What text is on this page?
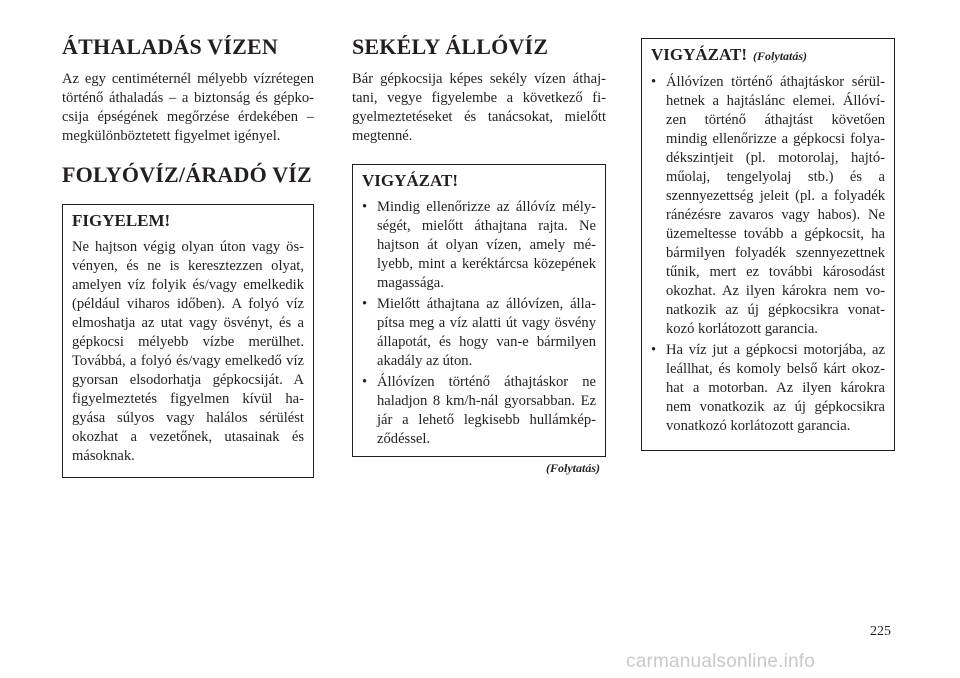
ÁTHALADÁS VÍZEN

Az egy centiméternél mélyebb vízrétegen történő áthaladás – a biztonság és gépko-csija épségének megőrzése érdekében – megkülönböztetett figyelmet igényel.

FOLYÓVÍZ/ÁRADÓ VÍZ
FIGYELEM!

Ne hajtson végig olyan úton vagy ös-vényen, és ne is keresztezzen olyat, amelyen víz folyik és/vagy emelkedik (például viharos időben). A folyó víz elmoshatja az utat vagy ösvényt, és a gépkocsi mélyebb vízbe merülhet. Továbbá, a folyó és/vagy emelkedő víz gyorsan elsodorhatja gépkocsiját. A figyelmeztetés figyelmen kívül ha-gyása súlyos vagy halálos sérülést okozhat a vezetőnek, utasainak és másoknak.

SEKÉLY ÁLLÓVÍZ

Bár gépkocsija képes sekély vízen áthaj-tani, vegye figyelembe a következő fi-gyelmeztetéseket és tanácsokat, mielőtt megtenné.

VIGYÁZAT!
• Mindig ellenőrizze az állóvíz mély-ségét, mielőtt áthajtana rajta. Ne hajtson át olyan vízen, amely mé-lyebb, mint a keréktárcsa közepének magassága.
• Mielőtt áthajtana az állóvízen, álla-pítsa meg a víz alatti út vagy ösvény állapotát, és hogy van-e bármilyen akadály az úton.
• Állóvízen történő áthajtáskor ne haladjon 8 km/h-nál gyorsabban. Ez jár a lehető legkisebb hullámkép-ződéssel.
(Folytatás)
VIGYÁZAT! (Folytatás)
• Állóvízen történő áthajtáskor sérül-hetnek a hajtáslánc elemei. Állóví-zen történő áthajtást követően mindig ellenőrizze a gépkocsi folya-dékszintjeit (pl. motorolaj, hajtó-műolaj, tengelyolaj stb.) és a szennyezettség jeleit (pl. a folyadék ránézésre zavaros vagy habos). Ne üzemeltesse tovább a gépkocsit, ha bármilyen folyadék szennyezettnek tűnik, mert ez további károsodást okozhat. Az ilyen károkra nem vo-natkozik az új gépkocsikra vonat-kozó korlátozott garancia.
• Ha víz jut a gépkocsi motorjába, az leállhat, és komoly belső kárt okoz-hat a motorban. Az ilyen károkra nem vonatkozik az új gépkocsikra vonatkozó korlátozott garancia.
225
carmanualsonline.info
